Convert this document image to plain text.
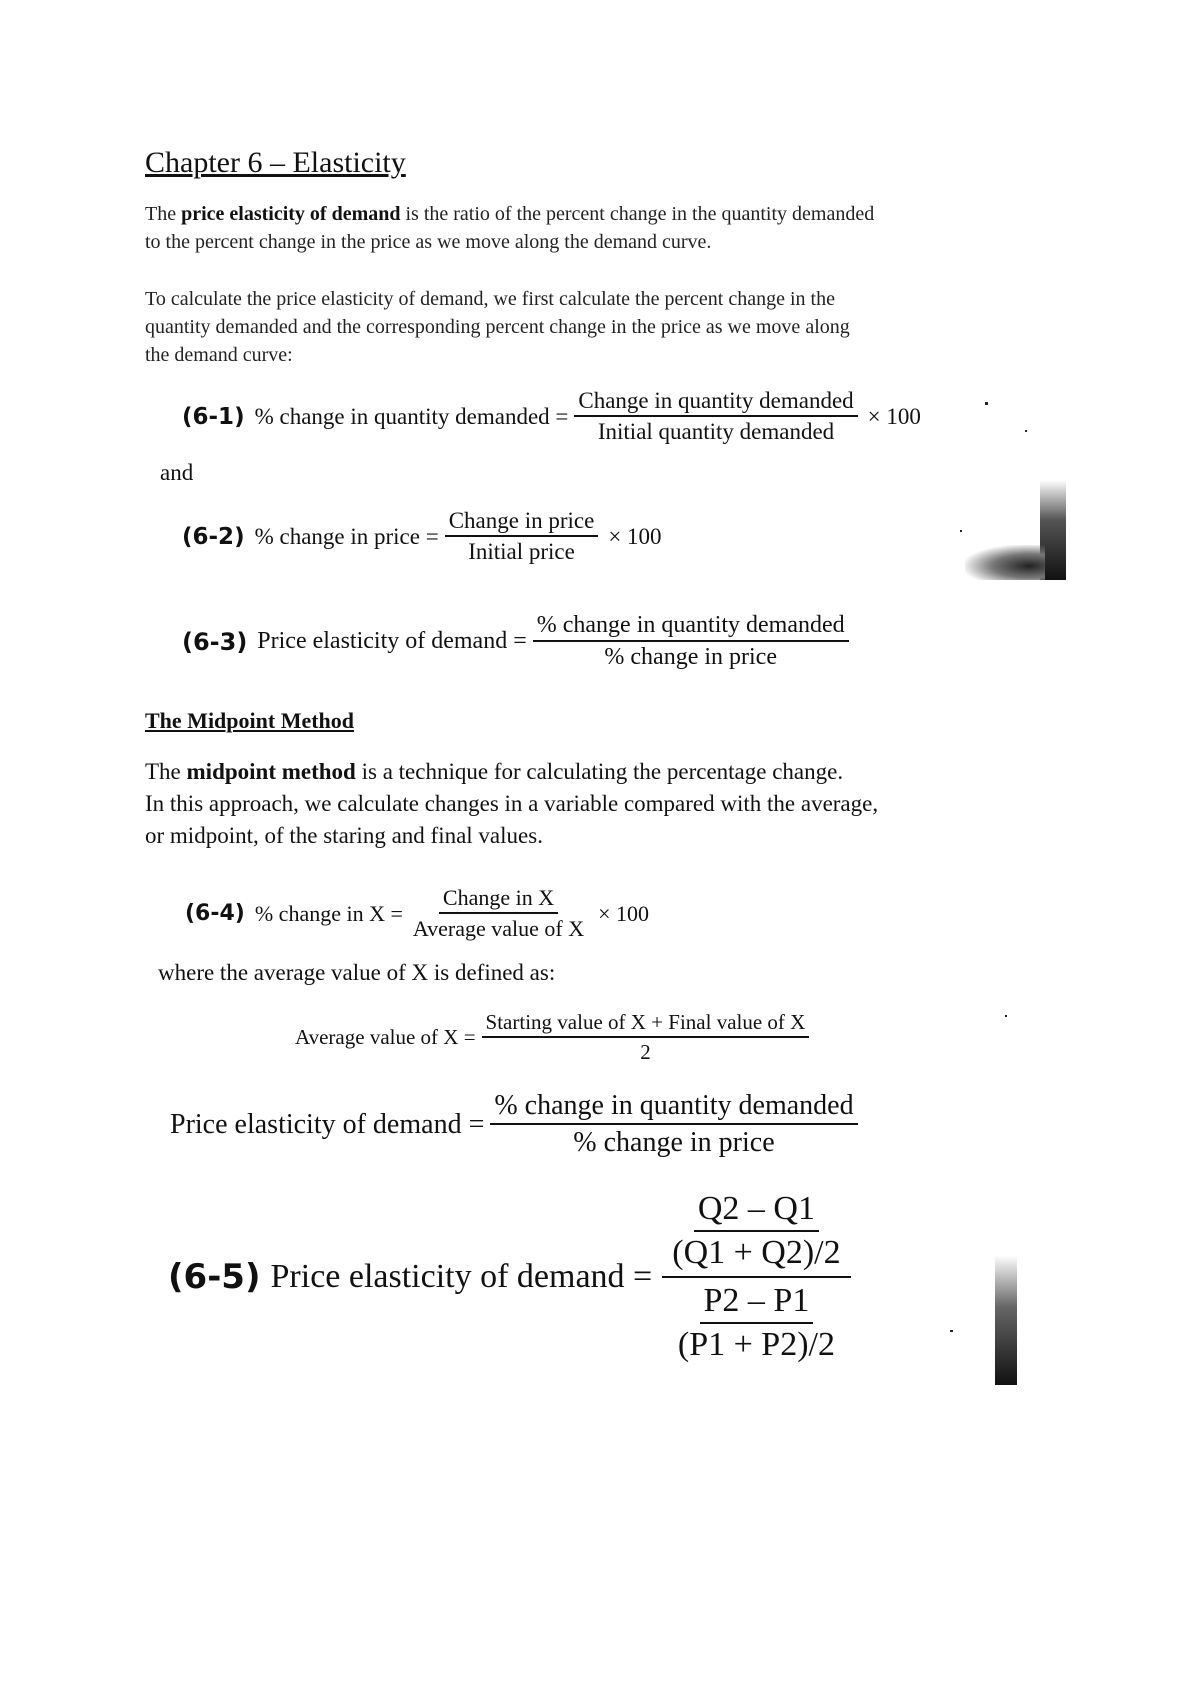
Chapter 6 – Elasticity
The price elasticity of demand is the ratio of the percent change in the quantity demanded
to the percent change in the price as we move along the demand curve.
To calculate the price elasticity of demand, we first calculate the percent change in the
quantity demanded and the corresponding percent change in the price as we move along
the demand curve:
(6-1) % change in quantity demanded = $\frac{\text{Change in quantity demanded}}{\text{Initial quantity demanded}} \times 100$
and
(6-2) % change in price = $\frac{\text{Change in price}}{\text{Initial price}} \times 100$
(6-3) Price elasticity of demand = $\frac{\text{\% change in quantity demanded}}{\text{\% change in price}}$
The Midpoint Method
The midpoint method is a technique for calculating the percentage change.
In this approach, we calculate changes in a variable compared with the average,
or midpoint, of the staring and final values.
(6-4) % change in $X = \frac{\text{Change in X}}{\text{Average value of X}} \times 100$
where the average value of X is defined as:
Average value of $X = \frac{\text{Starting value of X + Final value of X}}{2}$
Price elasticity of demand = $\frac{\text{\% change in quantity demanded}}{\text{\% change in price}}$
(6-5) Price elasticity of demand = $\frac{\frac{Q2 - Q1}{(Q1 + Q2)/2}}{\frac{P2 - P1}{(P1 + P2)/2}}$
